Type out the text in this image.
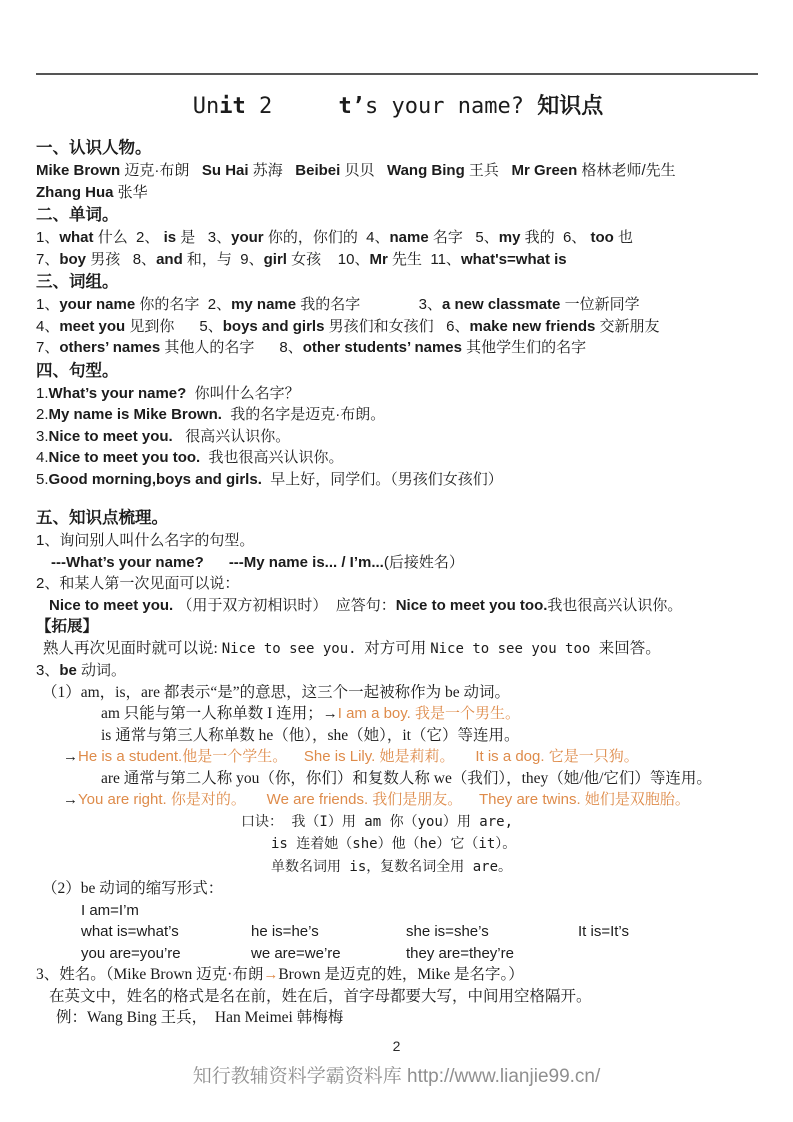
Unit 2     t’s your name? 知识点
一、认识人物。
Mike Brown 迈克·布朗 Su Hai 苏海 Beibei 贝贝 Wang Bing 王兵 Mr Green 格林老师/先生
Zhang Hua 张华
二、单词。
1、what 什么  2、 is 是   3、your 你的，你们的  4、name 名字   5、my 我的  6、 too 也
7、boy 男孩   8、and 和，与  9、girl 女孩    10、Mr 先生  11、what's=what is
三、词组。
1、your name 你的名字  2、my name 我的名字              3、a new classmate 一位新同学
4、meet you 见到你      5、boys and girls 男孩们和女孩们   6、make new friends 交新朋友
7、others’ names 其他人的名字      8、other students’ names 其他学生们的名字
四、句型。
1.What’s your name?  你叫什么名字？
2.My name is Mike Brown.  我的名字是迈克·布朗。
3.Nice to meet you.   很高兴认识你。
4.Nice to meet you too.  我也很高兴认识你。
5.Good morning,boys and girls.  早上好，同学们。（男孩们女孩们）
五、知识点梳理。
1、询问别人叫什么名字的句型。
---What’s your name? ---My name is... / I’m...(后接姓名）
2、和某人第一次见面可以说：
Nice to meet you. （用于双方初相识时）  应答句：Nice to meet you too.我也很高兴认识你。
【拓展】
熟人再次见面时就可以说: Nice to see you.  对方可用 Nice to see you too 来回答。
3、be 动词。
（1）am，is，are 都表示“是”的意思，这三个一起被称作为 be 动词。
am 只能与第一人称单数 I 连用；→I am a boy. 我是一个男生。
is 通常与第三人称单数 he（他），she（她），it（它）等连用。
→He is a student.他是一个学生。    She is Lily. 她是莉莉。     It is a dog. 它是一只狗。
are 通常与第二人称 you（你，你们）和复数人称 we（我们），they（她/他/它们）等连用。
→You are right. 你是对的。     We are friends. 我们是朋友。    They are twins. 她们是双胞胎。
口诀： 我（I）用 am 你（you）用 are,
is 连着她（she）他（he）它（it）。
单数名词用 is，复数名词全用 are。
（2）be 动词的缩写形式：
I am=I’m
what is=what’s	he is=he’s	she is=she’s	It is=It’s
you are=you’re	we are=we’re	they are=they’re
3、姓名。（Mike Brown 迈克·布朗→Brown 是迈克的姓，Mike 是名字。）
在英文中，姓名的格式是名在前，姓在后，首字母都要大写，中间用空格隔开。
例：Wang Bing 王兵，  Han Meimei 韩梅梅
2
知行教辅资料学霸资料库 http://www.lianjie99.cn/
